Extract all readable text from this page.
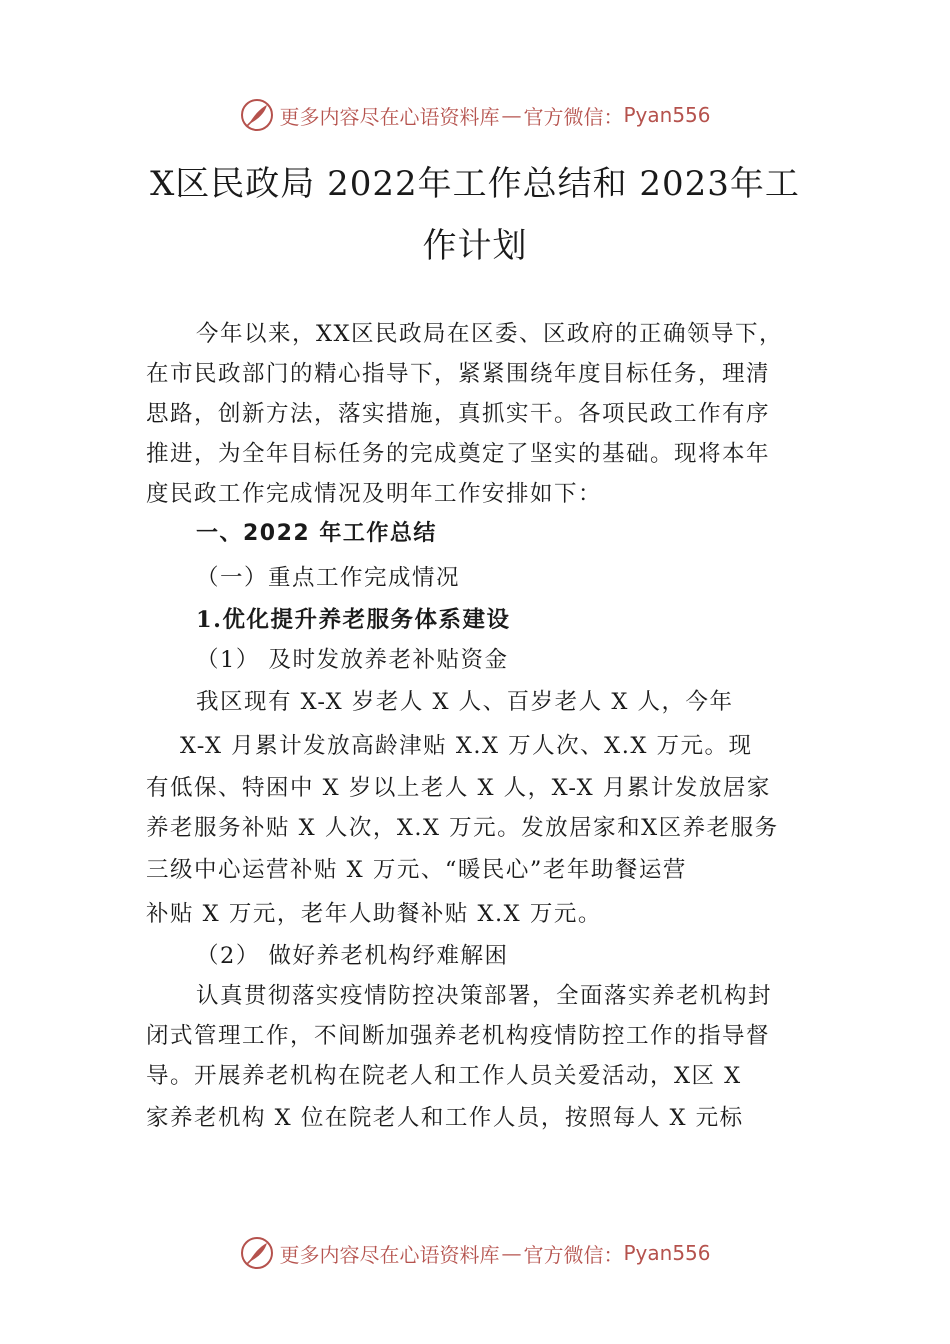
更多内容尽在心语资料库 — 官方微信： Pyan556
X区民政局 2022年工作总结和 2023年工
作计划
今年以来，XX区民政局在区委、区政府的正确领导下，
在市民政部门的精心指导下，紧紧围绕年度目标任务，理清
思路，创新方法，落实措施，真抓实干。各项民政工作有序
推进，为全年目标任务的完成奠定了坚实的基础。现将本年
度民政工作完成情况及明年工作安排如下：
一、2022 年工作总结
（一）重点工作完成情况
1.优化提升养老服务体系建设
（1） 及时发放养老补贴资金
我区现有 X-X 岁老人 X 人、百岁老人 X 人，今年
X-X 月累计发放高龄津贴 X.X 万人次、X.X 万元。现
有低保、特困中 X 岁以上老人 X 人，X-X 月累计发放居家
养老服务补贴 X 人次，X.X 万元。发放居家和X区养老服务
三级中心运营补贴 X 万元、“暖民心”老年助餐运营
补贴 X 万元，老年人助餐补贴 X.X 万元。
（2） 做好养老机构纾难解困
认真贯彻落实疫情防控决策部署，全面落实养老机构封
闭式管理工作，不间断加强养老机构疫情防控工作的指导督
导。开展养老机构在院老人和工作人员关爱活动，X区 X
家养老机构 X 位在院老人和工作人员，按照每人 X 元标
更多内容尽在心语资料库 — 官方微信： Pyan556
